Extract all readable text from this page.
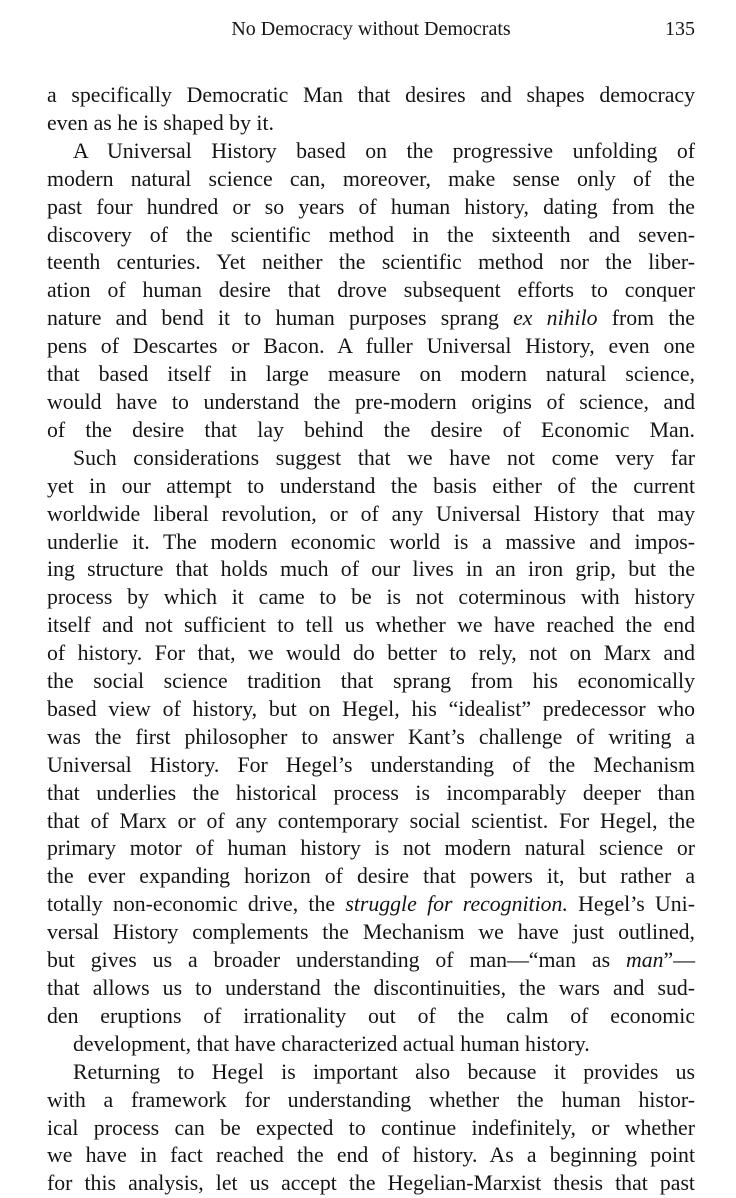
No Democracy without Democrats	135

a specifically Democratic Man that desires and shapes democracy
even as he is shaped by it.

A Universal History based on the progressive unfolding of
modern natural science can, moreover, make sense only of the
past four hundred or so years of human history, dating from the
discovery of the scientific method in the sixteenth and seven-
teenth centuries. Yet neither the scientific method nor the liber-
ation of human desire that drove subsequent efforts to conquer
nature and bend it to human purposes sprang ex nihilo from the
pens of Descartes or Bacon. A fuller Universal History, even one
that based itself in large measure on modern natural science,
would have to understand the pre-modern origins of science, and
of the desire that lay behind the desire of Economic Man.

Such considerations suggest that we have not come very far
yet in our attempt to understand the basis either of the current
worldwide liberal revolution, or of any Universal History that may
underlie it. The modern economic world is a massive and impos-
ing structure that holds much of our lives in an iron grip, but the
process by which it came to be is not coterminous with history
itself and not sufficient to tell us whether we have reached the end
of history. For that, we would do better to rely, not on Marx and
the social science tradition that sprang from his economically
based view of history, but on Hegel, his “idealist” predecessor who
was the first philosopher to answer Kant’s challenge of writing a
Universal History. For Hegel’s understanding of the Mechanism
that underlies the historical process is incomparably deeper than
that of Marx or of any contemporary social scientist. For Hegel, the
primary motor of human history is not modern natural science or
the ever expanding horizon of desire that powers it, but rather a
totally non-economic drive, the struggle for recognition. Hegel’s Uni-
versal History complements the Mechanism we have just outlined,
but gives us a broader understanding of man—“man as man”—
that allows us to understand the discontinuities, the wars and sud-
den eruptions of irrationality out of the calm of economic
development, that have characterized actual human history.

Returning to Hegel is important also because it provides us
with a framework for understanding whether the human histor-
ical process can be expected to continue indefinitely, or whether
we have in fact reached the end of history. As a beginning point
for this analysis, let us accept the Hegelian-Marxist thesis that past
